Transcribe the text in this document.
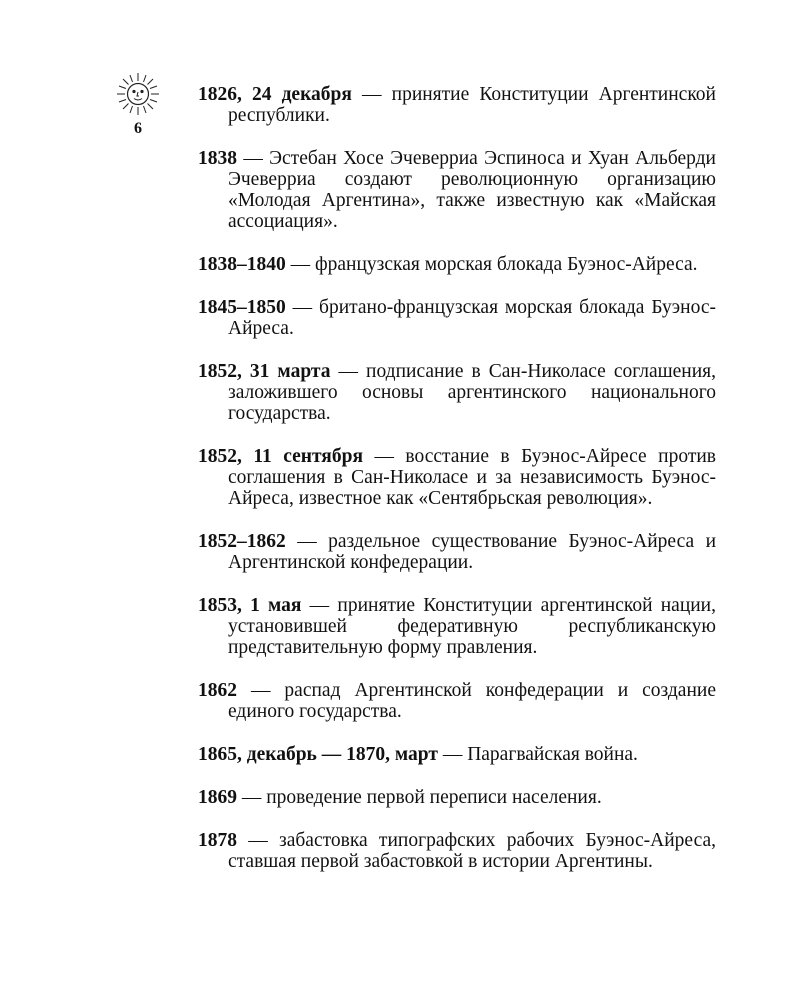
6

1826, 24 декабря — принятие Конституции Аргентинской республики.

1838 — Эстебан Хосе Эчеверриа Эспиноса и Хуан Альберди Эчеверриа создают революционную организацию «Молодая Аргентина», также известную как «Майская ассоциация».

1838–1840 — французская морская блокада Буэнос-Айреса.

1845–1850 — британо-французская морская блокада Буэнос-Айреса.

1852, 31 марта — подписание в Сан-Николасе соглашения, заложившего основы аргентинского национального государства.

1852, 11 сентября — восстание в Буэнос-Айресе против соглашения в Сан-Николасе и за независимость Буэнос-Айреса, известное как «Сентябрьская революция».

1852–1862 — раздельное существование Буэнос-Айреса и Аргентинской конфедерации.

1853, 1 мая — принятие Конституции аргентинской нации, установившей федеративную республиканскую представительную форму правления.

1862 — распад Аргентинской конфедерации и создание единого государства.

1865, декабрь — 1870, март — Парагвайская война.

1869 — проведение первой переписи населения.

1878 — забастовка типографских рабочих Буэнос-Айреса, ставшая первой забастовкой в истории Аргентины.
